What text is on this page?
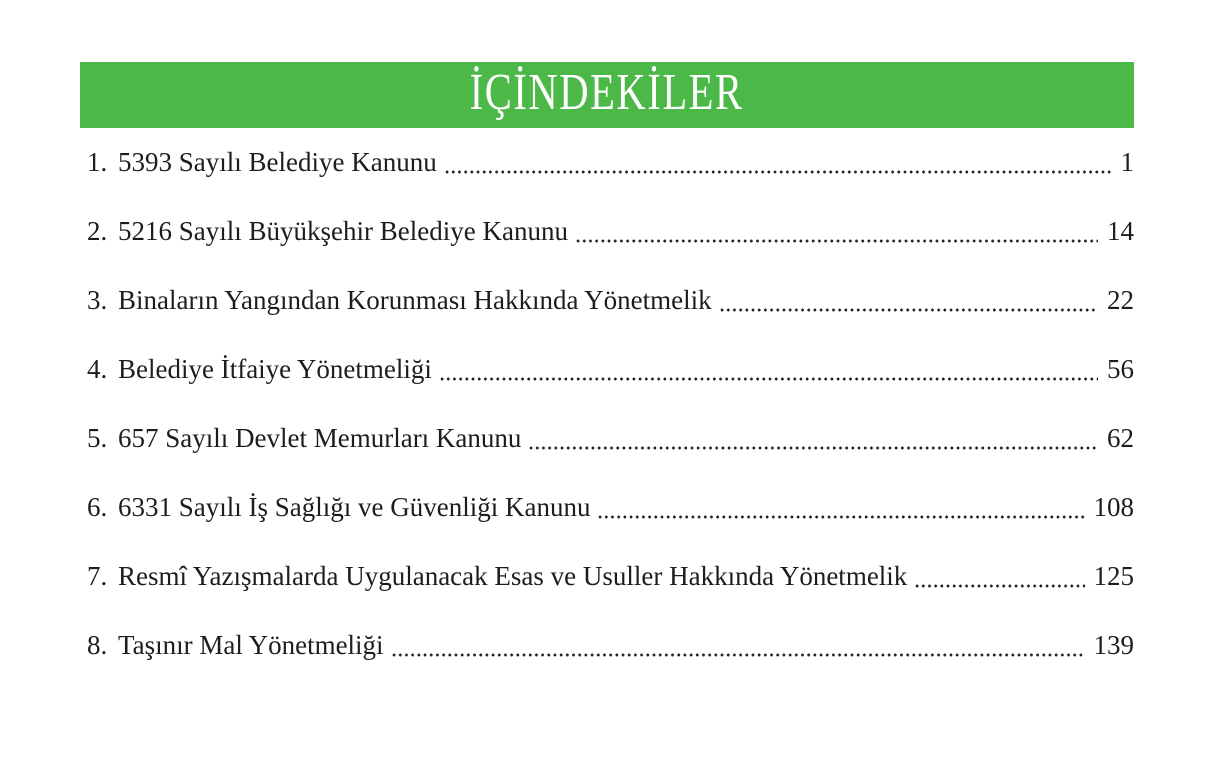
İÇİNDEKİLER
1. 5393 Sayılı Belediye Kanunu	1
2. 5216 Sayılı Büyükşehir Belediye Kanunu	14
3. Binaların Yangından Korunması Hakkında Yönetmelik	22
4. Belediye İtfaiye Yönetmeliği	56
5. 657 Sayılı Devlet Memurları Kanunu	62
6. 6331 Sayılı İş Sağlığı ve Güvenliği Kanunu	108
7. Resmî Yazışmalarda Uygulanacak Esas ve Usuller Hakkında Yönetmelik	125
8. Taşınır Mal Yönetmeliği	139
